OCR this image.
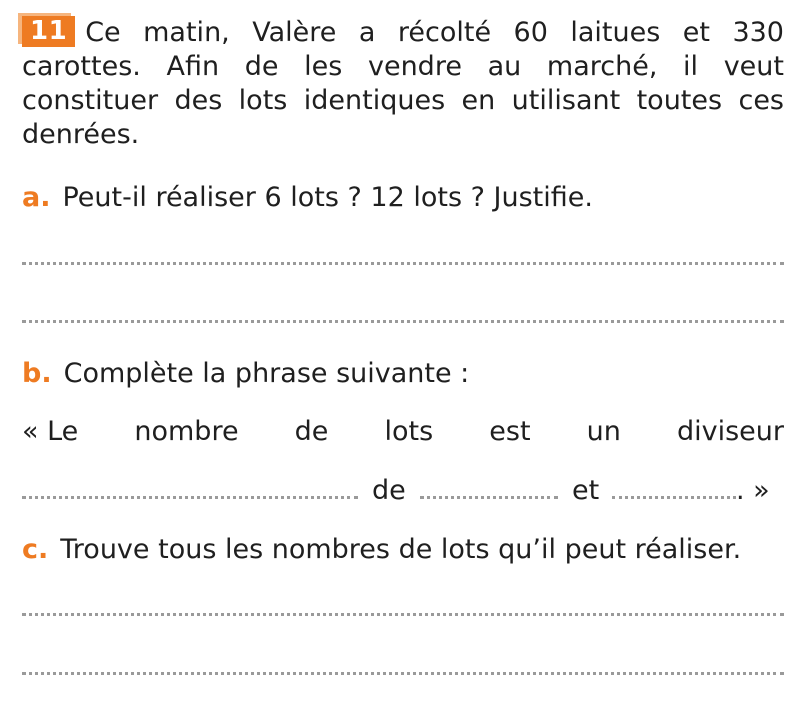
11 Ce matin, Valère a récolté 60 laitues et 330 carottes. Afin de les vendre au marché, il veut constituer des lots identiques en utilisant toutes ces denrées.

a. Peut-il réaliser 6 lots ? 12 lots ? Justifie.

b. Complète la phrase suivante :

« Le nombre de lots est un diviseur

de	et	. »

c. Trouve tous les nombres de lots qu’il peut réaliser.
